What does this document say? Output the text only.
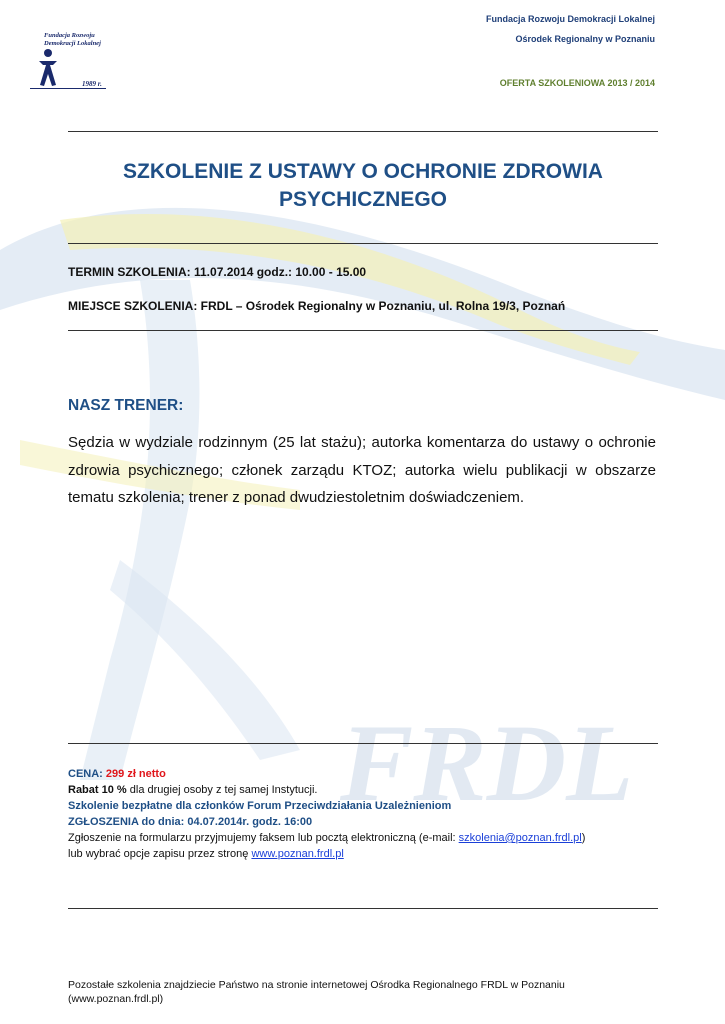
FRDL
Fundacja Rozwoju
Demokracji Lokalnej
1989 r.
Fundacja Rozwoju Demokracji Lokalnej
Ośrodek Regionalny w Poznaniu
OFERTA SZKOLENIOWA 2013 / 2014
SZKOLENIE Z USTAWY O OCHRONIE ZDROWIA
PSYCHICZNEGO
TERMIN SZKOLENIA: 11.07.2014 godz.: 10.00 - 15.00
MIEJSCE SZKOLENIA: FRDL – Ośrodek Regionalny w Poznaniu, ul. Rolna 19/3, Poznań
NASZ TRENER:
Sędzia w wydziale rodzinnym (25 lat stażu); autorka komentarza do ustawy o ochronie zdrowia psychicznego; członek zarządu KTOZ; autorka wielu publikacji w obszarze tematu szkolenia; trener z ponad dwudziestoletnim doświadczeniem.
CENA: 299 zł netto
Rabat 10 % dla drugiej osoby z tej samej Instytucji.
Szkolenie bezpłatne dla członków Forum Przeciwdziałania Uzależnieniom
ZGŁOSZENIA do dnia: 04.07.2014r. godz. 16:00
Zgłoszenie na formularzu przyjmujemy faksem lub pocztą elektroniczną (e-mail: szkolenia@poznan.frdl.pl)
lub wybrać opcje zapisu przez stronę www.poznan.frdl.pl
Pozostałe szkolenia znajdziecie Państwo na stronie internetowej Ośrodka Regionalnego FRDL w Poznaniu
(www.poznan.frdl.pl)
